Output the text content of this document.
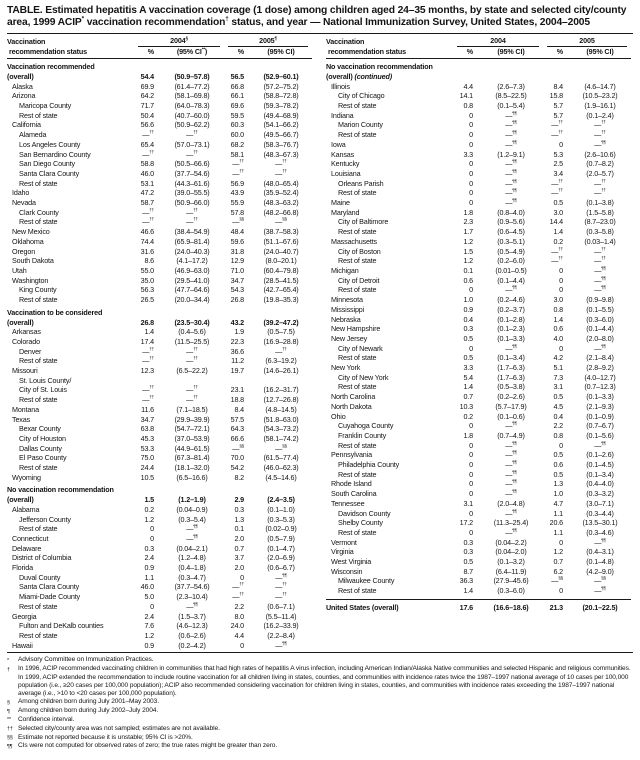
TABLE. Estimated hepatitis A vaccination coverage (1 dose) among children aged 24–35 months, by state and selected city/county area, 1999 ACIP* vaccination recommendation† status, and year — National Immunization Survey, United States, 2004–2005
Vaccination	2004§	2005¶
recommendation status	%	(95% CI**)	%	(95% CI)
Vaccination recommended
(overall)	54.4	(50.9–57.8)	56.5	(52.9–60.1)
Alaska	69.9	(61.4–77.2)	66.8	(57.2–75.2)
Arizona	64.2	(58.1–69.8)	66.1	(58.8–72.8)
Maricopa County	71.7	(64.0–78.3)	69.6	(59.3–78.2)
Rest of state	50.4	(40.7–60.0)	59.5	(49.4–68.9)
California	56.6	(50.9–62.2)	60.3	(54.1–66.2)
Alameda	—††	—††	60.0	(49.5–66.7)
Los Angeles County	65.4	(57.0–73.1)	68.2	(58.3–76.7)
San Bernardino County	—††	—††	58.1	(48.3–67.3)
San Diego County	58.8	(50.5–66.6)	—††	—††
Santa Clara County	46.0	(37.7–54.6)	—††	—††
Rest of state	53.1	(44.3–61.6)	56.9	(48.0–65.4)
Idaho	47.2	(39.0–55.5)	43.9	(35.9–52.4)
Nevada	58.7	(50.9–66.0)	55.9	(48.3–63.2)
Clark County	—††	—††	57.8	(48.2–66.8)
Rest of state	—††	—††	—§§	—§§
New Mexico	46.6	(38.4–54.9)	48.4	(38.7–58.3)
Oklahoma	74.4	(65.9–81.4)	59.6	(51.1–67.6)
Oregon	31.6	(24.0–40.3)	31.8	(24.0–40.7)
South Dakota	8.6	(4.1–17.2)	12.9	(8.0–20.1)
Utah	55.0	(46.9–63.0)	71.0	(60.4–79.8)
Washington	35.0	(29.5–41.0)	34.7	(28.5–41.5)
King County	56.3	(47.7–64.6)	54.3	(42.7–65.4)
Rest of state	26.5	(20.0–34.4)	26.8	(19.8–35.3)
Vaccination to be considered
(overall)	26.8	(23.5–30.4)	43.2	(39.2–47.2)
Arkansas	1.4	(0.4–5.6)	1.9	(0.5–7.5)
Colorado	17.4	(11.5–25.5)	22.3	(16.9–28.8)
Denver	—††	—††	36.6	—††
Rest of state	—††	—††	11.2	(6.3–19.2)
Missouri	12.3	(6.5–22.2)	19.7	(14.6–26.1)
St. Louis County/
City of St. Louis	—††	—††	23.1	(16.2–31.7)
Rest of state	—††	—††	18.8	(12.7–26.8)
Montana	11.6	(7.1–18.5)	8.4	(4.8–14.5)
Texas	34.7	(29.9–39.9)	57.5	(51.8–63.0)
Bexar County	63.8	(54.7–72.1)	64.3	(54.3–73.2)
City of Houston	45.3	(37.0–53.9)	66.6	(58.1–74.2)
Dallas County	53.3	(44.9–61.5)	—§§	—§§
El Paso County	75.0	(67.3–81.4)	70.0	(61.5–77.4)
Rest of state	24.4	(18.1–32.0)	54.2	(46.0–62.3)
Wyoming	10.5	(6.5–16.6)	8.2	(4.5–14.6)
No vaccination recommendation
(overall)	1.5	(1.2–1.9)	2.9	(2.4–3.5)
Alabama	0.2	(0.04–0.9)	0.3	(0.1–1.0)
Jefferson County	1.2	(0.3–5.4)	1.3	(0.3–5.3)
Rest of state	0	—¶¶	0.1	(0.02–0.9)
Connecticut	0	—¶¶	2.0	(0.5–7.9)
Delaware	0.3	(0.04–2.1)	0.7	(0.1–4.7)
District of Columbia	2.4	(1.2–4.8)	3.7	(2.0–6.9)
Florida	0.9	(0.4–1.8)	2.0	(0.6–6.7)
Duval County	1.1	(0.3–4.7)	0	—¶¶
Santa Clara County	46.0	(37.7–54.6)	—††	—††
Miami-Dade County	5.0	(2.3–10.4)	—††	—††
Rest of state	0	—¶¶	2.2	(0.6–7.1)
Georgia	2.4	(1.5–3.7)	8.0	(5.5–11.4)
Fulton and DeKalb counties	7.6	(4.6–12.3)	24.0	(16.2–33.9)
Rest of state	1.2	(0.6–2.6)	4.4	(2.2–8.4)
Hawaii	0.9	(0.2–4.2)	0	—¶¶
Vaccination	2004	2005
recommendation status	%	(95% CI)	%	(95% CI)
No vaccination recommendation
(overall) (continued)
Illinois	4.4	(2.6–7.3)	8.4	(4.6–14.7)
City of Chicago	14.1	(8.5–22.5)	15.8	(10.5–23.2)
Rest of state	0.8	(0.1–5.4)	5.7	(1.9–16.1)
Indiana	0	—¶¶	5.7	(0.1–2.4)
Marion County	0	—¶¶	—††	—††
Rest of state	0	—¶¶	—††	—††
Iowa	0	—¶¶	0	—¶¶
Kansas	3.3	(1.2–9.1)	5.3	(2.6–10.6)
Kentucky	0	—¶¶	2.5	(0.7–8.2)
Louisiana	0	—¶¶	3.4	(2.0–5.7)
Orleans Parish	0	—¶¶	—††	—††
Rest of state	0	—¶¶	—††	—††
Maine	0	—¶¶	0.5	(0.1–3.8)
Maryland	1.8	(0.8–4.0)	3.0	(1.5–5.8)
City of Baltimore	2.3	(0.9–5.6)	14.4	(8.7–23.0)
Rest of state	1.7	(0.6–4.5)	1.4	(0.3–5.8)
Massachusetts	1.2	(0.3–5.1)	0.2	(0.03–1.4)
City of Boston	1.5	(0.5–4.9)	—††	—††
Rest of state	1.2	(0.2–6.0)	—††	—††
Michigan	0.1	(0.01–0.5)	0	—¶¶
City of Detroit	0.6	(0.1–4.4)	0	—¶¶
Rest of state	0	—¶¶	0	—¶¶
Minnesota	1.0	(0.2–4.6)	3.0	(0.9–9.8)
Mississippi	0.9	(0.2–3.7)	0.8	(0.1–5.5)
Nebraska	0.4	(0.1–2.8)	1.4	(0.3–6.0)
New Hampshire	0.3	(0.1–2.3)	0.6	(0.1–4.4)
New Jersey	0.5	(0.1–3.3)	4.0	(2.0–8.0)
City of Newark	0	—¶¶	0	—¶¶
Rest of state	0.5	(0.1–3.4)	4.2	(2.1–8.4)
New York	3.3	(1.7–6.3)	5.1	(2.8–9.2)
City of New York	5.4	(1.7–6.3)	7.3	(4.0–12.7)
Rest of state	1.4	(0.5–3.8)	3.1	(0.7–12.3)
North Carolina	0.7	(0.2–2.6)	0.5	(0.1–3.3)
North Dakota	10.3	(5.7–17.9)	4.5	(2.1–9.3)
Ohio	0.2	(0.1–0.6)	0.4	(0.1–0.9)
Cuyahoga County	0	—¶¶	2.2	(0.7–6.7)
Franklin County	1.8	(0.7–4.9)	0.8	(0.1–5.6)
Rest of state	0	—¶¶	0	—¶¶
Pennsylvania	0	—¶¶	0.5	(0.1–2.6)
Philadelphia County	0	—¶¶	0.6	(0.1–4.5)
Rest of state	0	—¶¶	0.5	(0.1–3.4)
Rhode Island	0	—¶¶	1.3	(0.4–4.0)
South Carolina	0	—¶¶	1.0	(0.3–3.2)
Tennessee	3.1	(2.0–4.8)	4.7	(3.0–7.1)
Davidson County	0	—¶¶	1.1	(0.3–4.4)
Shelby County	17.2	(11.3–25.4)	20.6	(13.5–30.1)
Rest of state	0	—¶¶	1.1	(0.3–4.6)
Vermont	0.3	(0.04–2.2)	0	—¶¶
Virginia	0.3	(0.04–2.0)	1.2	(0.4–3.1)
West Virginia	0.5	(0.1–3.2)	0.7	(0.1–4.8)
Wisconsin	8.7	(6.4–11.9)	6.2	(4.2–9.0)
Milwaukee County	36.3	(27.9–45.6)	—§§	—§§
Rest of state	1.4	(0.3–6.0)	0	—¶¶
United States (overall)	17.6	(16.6–18.6)	21.3	(20.1–22.5)
*	Advisory Committee on Immunization Practices.
†	In 1996, ACIP recommended vaccinating children in communities that had high rates of hepatitis A virus infection, including American Indian/Alaska Native communities and selected Hispanic and religious communities. In 1999, ACIP extended the recommendation to include routine vaccination for all children living in states, counties, and communities with incidence rates twice the 1987–1997 national average of 10 cases per 100,000 population (i.e., ≥20 cases per 100,000 population); ACIP also recommended considering vaccination for children living in states, counties, and communities with incidence rates exceeding the 1987–1997 national average (i.e., >10 to <20 cases per 100,000 population).
§	Among children born during July 2001–May 2003.
¶	Among children born during July 2002–July 2004.
**	Confidence interval.
†† Selected city/county area was not sampled; estimates are not available.
§§ Estimate not reported because it is unstable; 95% CI is >20%.
¶¶ CIs were not computed for observed rates of zero; the true rates might be greater than zero.
